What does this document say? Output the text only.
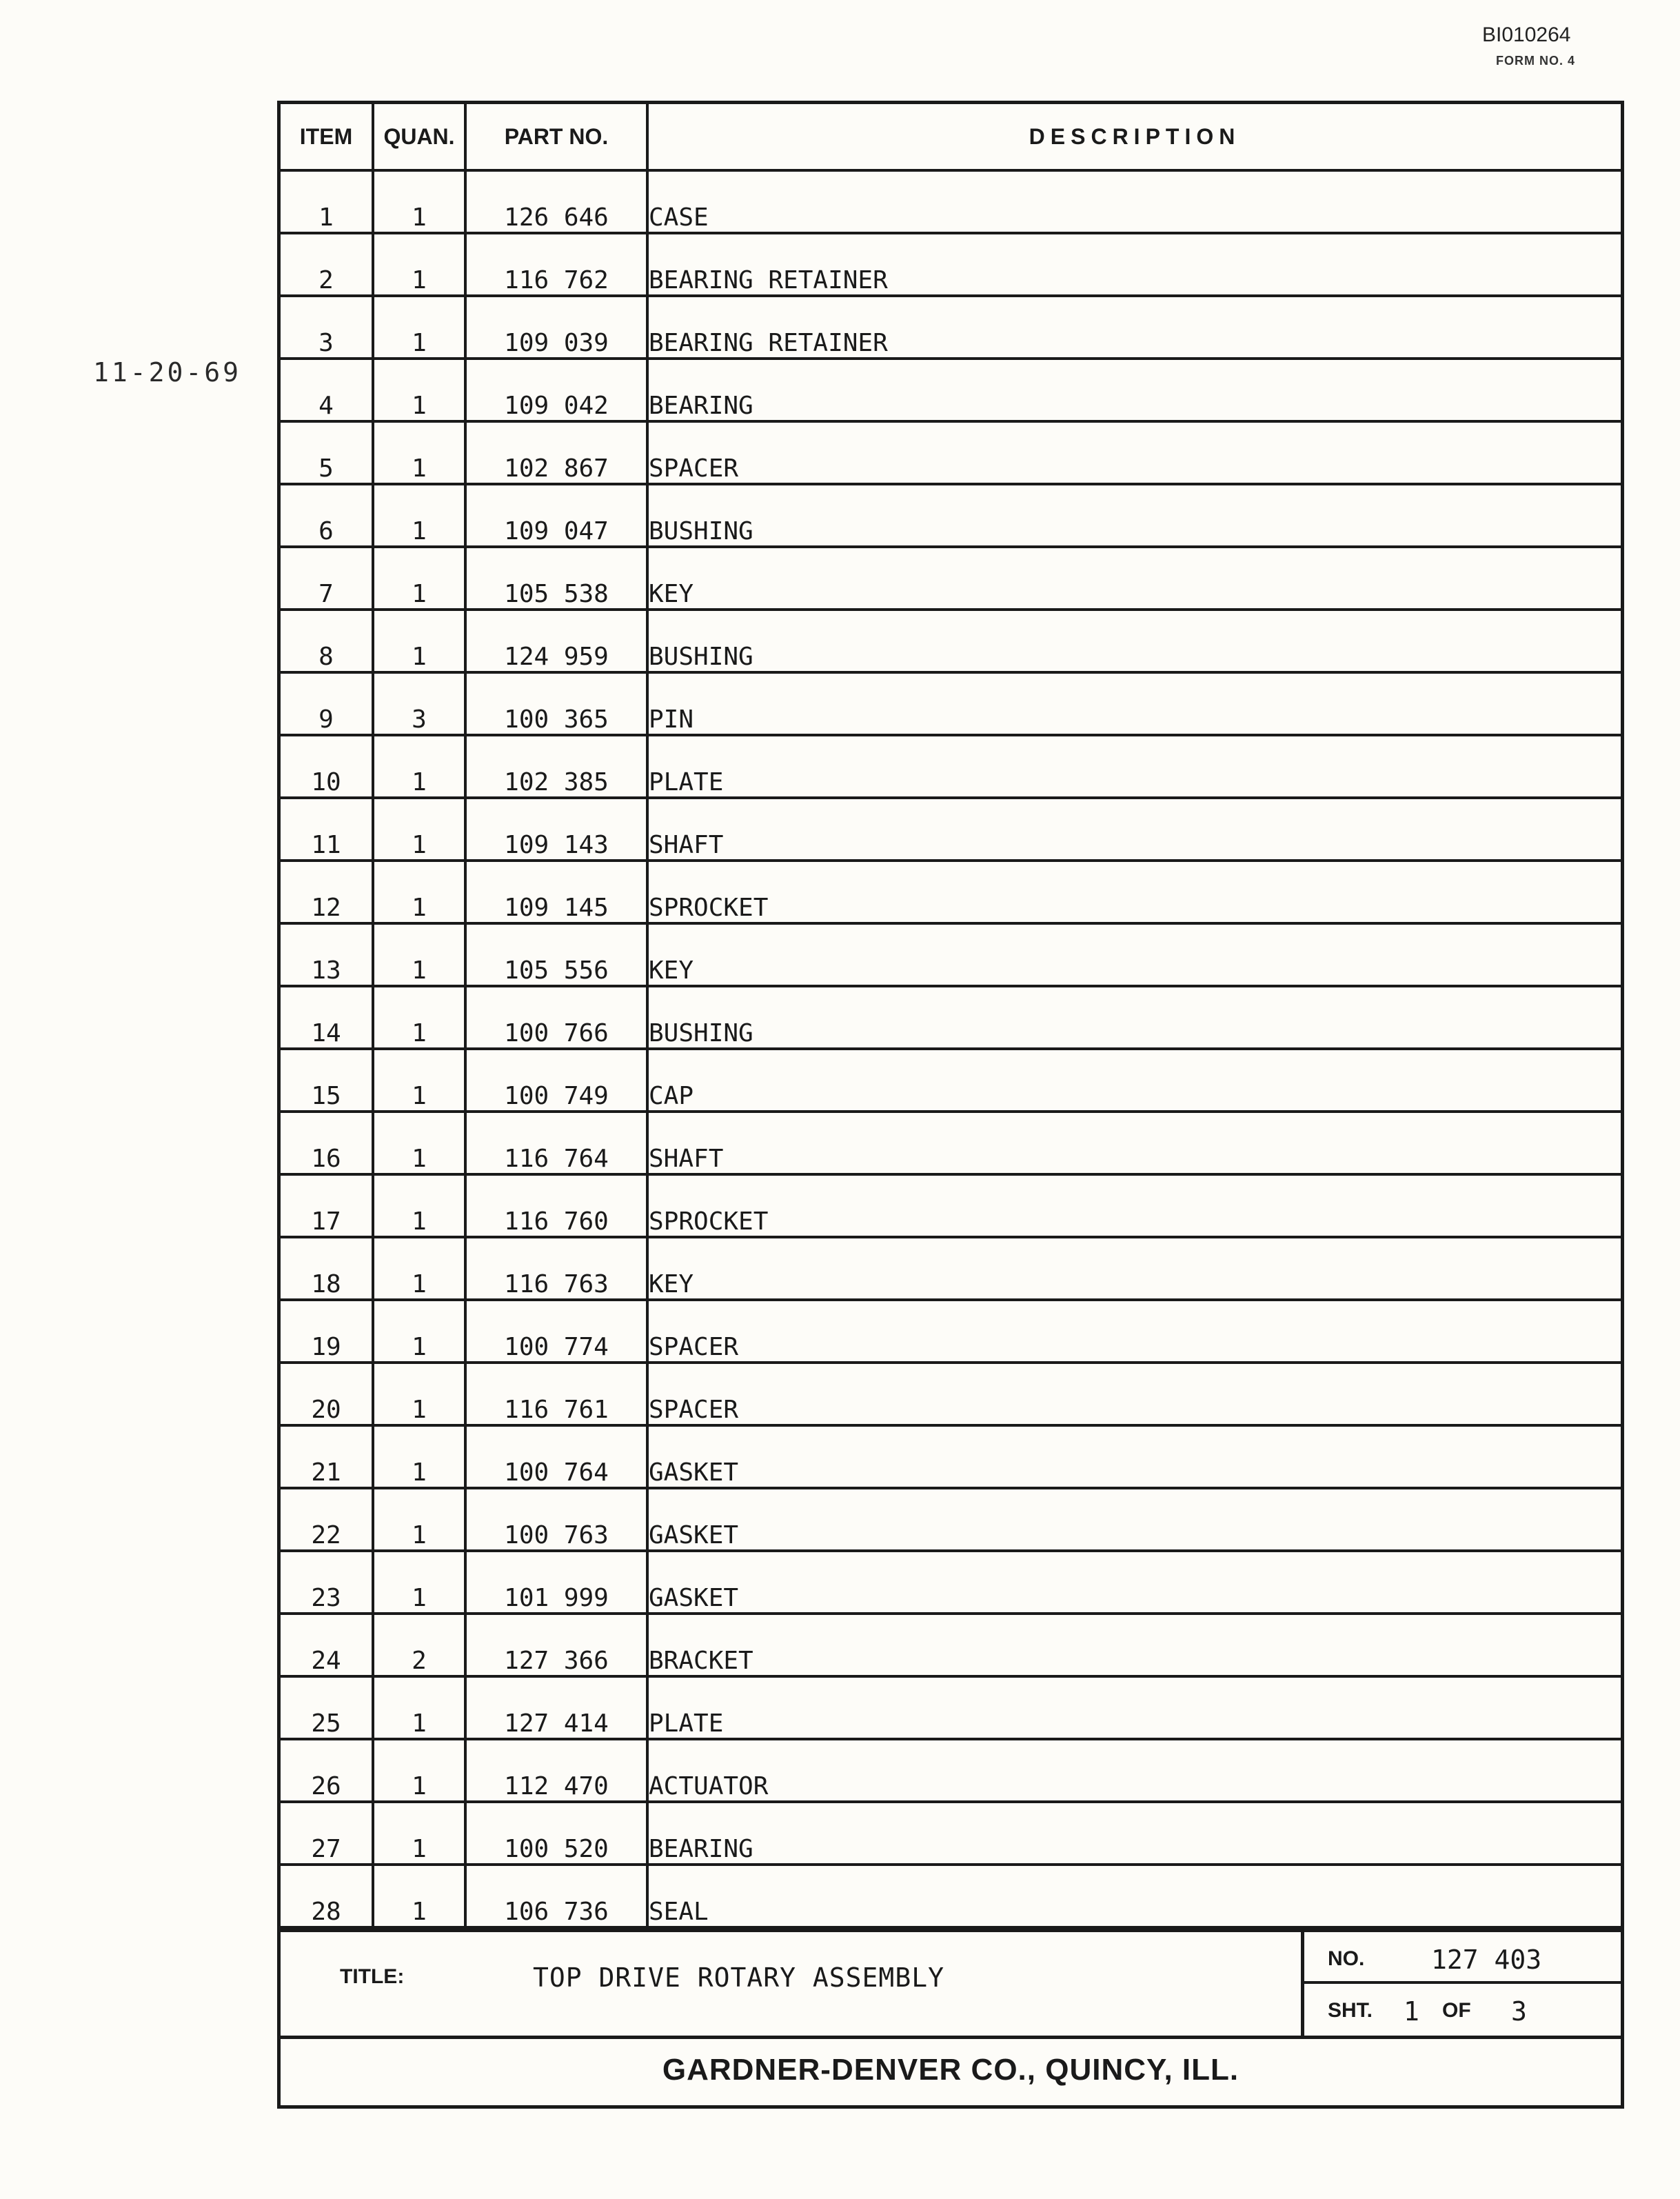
BI010264
FORM NO. 4
11-20-69
ITEM	QUAN.	PART NO.	DESCRIPTION
1	1	126 646	CASE
2	1	116 762	BEARING RETAINER
3	1	109 039	BEARING RETAINER
4	1	109 042	BEARING
5	1	102 867	SPACER
6	1	109 047	BUSHING
7	1	105 538	KEY
8	1	124 959	BUSHING
9	3	100 365	PIN
10	1	102 385	PLATE
11	1	109 143	SHAFT
12	1	109 145	SPROCKET
13	1	105 556	KEY
14	1	100 766	BUSHING
15	1	100 749	CAP
16	1	116 764	SHAFT
17	1	116 760	SPROCKET
18	1	116 763	KEY
19	1	100 774	SPACER
20	1	116 761	SPACER
21	1	100 764	GASKET
22	1	100 763	GASKET
23	1	101 999	GASKET
24	2	127 366	BRACKET
25	1	127 414	PLATE
26	1	112 470	ACTUATOR
27	1	100 520	BEARING
28	1	106 736	SEAL
TITLE:	TOP DRIVE ROTARY ASSEMBLY
NO.	127 403
SHT. 1 OF 3
GARDNER-DENVER CO., QUINCY, ILL.
